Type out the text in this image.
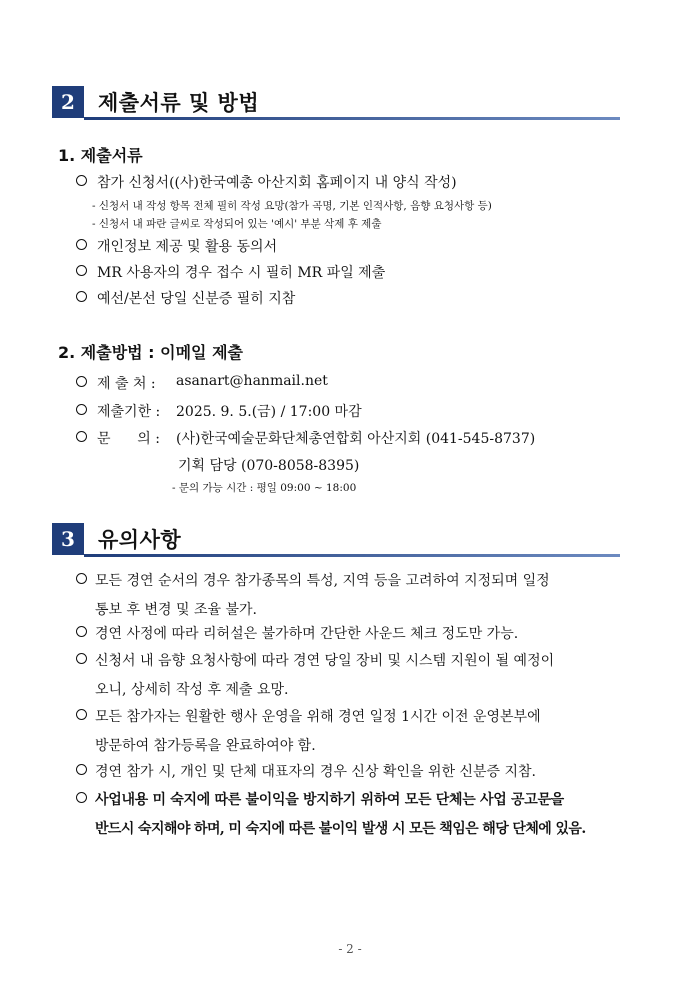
2	제출서류 및 방법
1. 제출서류
참가 신청서((사)한국예총 아산지회 홈페이지 내 양식 작성)
- 신청서 내 작성 항목 전체 필히 작성 요망(참가 곡명, 기본 인적사항, 음향 요청사항 등)
- 신청서 내 파란 글씨로 작성되어 있는 '예시' 부분 삭제 후 제출
개인정보 제공 및 활용 동의서
MR 사용자의 경우 접수 시 필히 MR 파일 제출
예선/본선 당일 신분증 필히 지참
2. 제출방법 : 이메일 제출
제 출 처 : asanart@hanmail.net
제출기한 : 2025. 9. 5.(금) / 17:00 마감
문      의 : (사)한국예술문화단체총연합회 아산지회 (041-545-8737)
기획 담당 (070-8058-8395)
- 문의 가능 시간 : 평일 09:00 ~ 18:00
3	유의사항
모든 경연 순서의 경우 참가종목의 특성, 지역 등을 고려하여 지정되며 일정
통보 후 변경 및 조율 불가.
경연 사정에 따라 리허설은 불가하며 간단한 사운드 체크 정도만 가능.
신청서 내 음향 요청사항에 따라 경연 당일 장비 및 시스템 지원이 될 예정이
오니, 상세히 작성 후 제출 요망.
모든 참가자는 원활한 행사 운영을 위해 경연 일정 1시간 이전 운영본부에
방문하여 참가등록을 완료하여야 함.
경연 참가 시, 개인 및 단체 대표자의 경우 신상 확인을 위한 신분증 지참.
사업내용 미 숙지에 따른 불이익을 방지하기 위하여 모든 단체는 사업 공고문을
반드시 숙지해야 하며, 미 숙지에 따른 불이익 발생 시 모든 책임은 해당 단체에 있음.
- 2 -
